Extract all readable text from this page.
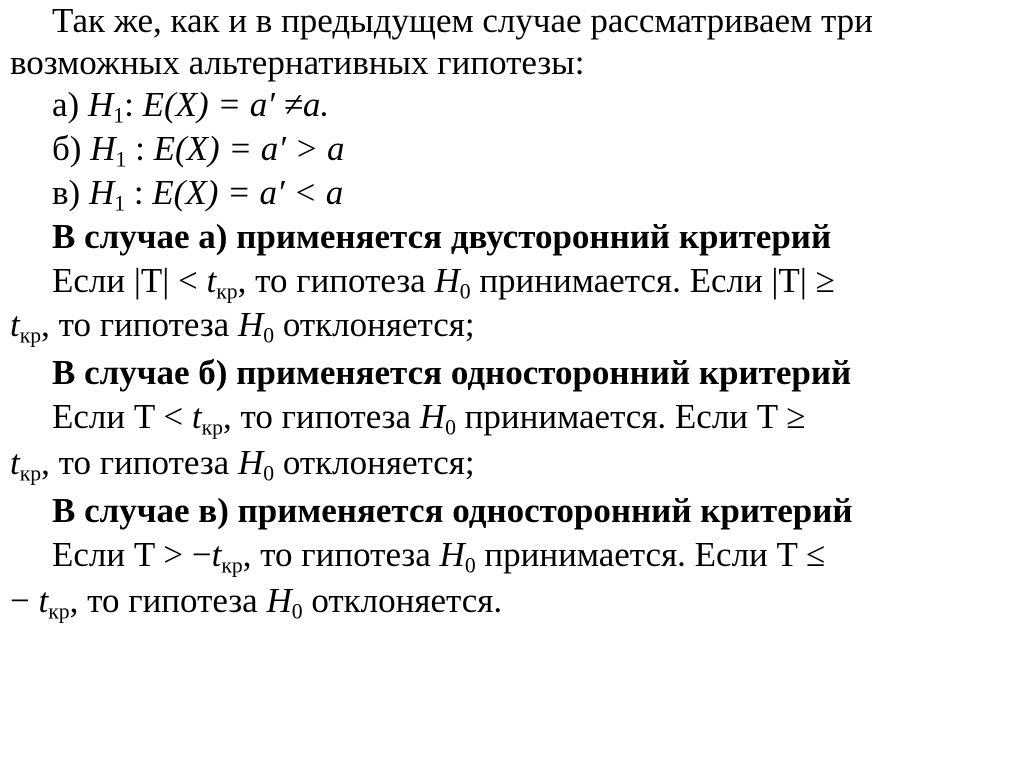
Так же, как и в предыдущем случае рассматриваем три
возможных альтернативных гипотезы:
а) $H_1$: E(X) = a′ ≠a.
б) $H_1$ : E(X) = a′ > a
в) $H_1$ : E(X) = a′ < a
В случае а) применяется двусторонний критерий
Если $|T| < t_{кр}$, то гипотеза $H_0$ принимается. Если |T| ≥
$t_{кр}$, то гипотеза $H_0$ отклоняется;
В случае б) применяется односторонний критерий
Если $T < t_{кр}$, то гипотеза $H_0$ принимается. Если T ≥
$t_{кр}$, то гипотеза $H_0$ отклоняется;
В случае в) применяется односторонний критерий
Если $T > -t_{кр}$, то гипотеза $H_0$ принимается. Если T ≤
− $t_{кр}$, то гипотеза $H_0$ отклоняется.
